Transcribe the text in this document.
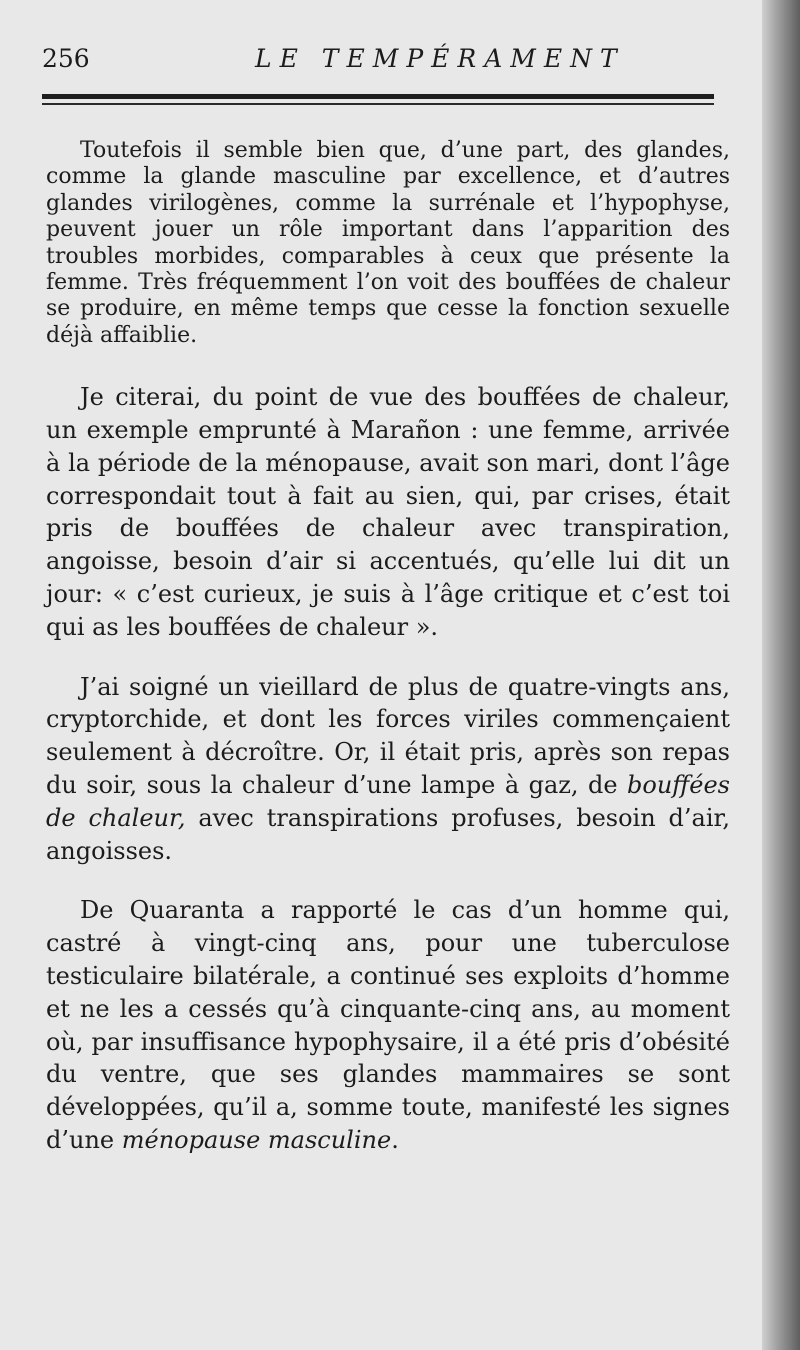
256	LE TEMPÉRAMENT

Toutefois il semble bien que, d’une part, des glandes, comme la glande masculine par excellence, et d’autres glandes virilogènes, comme la surrénale et l’hypophyse, peuvent jouer un rôle important dans l’apparition des troubles morbides, comparables à ceux que présente la femme. Très fréquemment l’on voit des bouffées de chaleur se produire, en même temps que cesse la fonction sexuelle déjà affaiblie.

Je citerai, du point de vue des bouffées de chaleur, un exemple emprunté à Marañon : une femme, arrivée à la période de la ménopause, avait son mari, dont l’âge correspondait tout à fait au sien, qui, par crises, était pris de bouffées de chaleur avec transpiration, angoisse, besoin d’air si accentués, qu’elle lui dit un jour: « c’est curieux, je suis à l’âge critique et c’est toi qui as les bouffées de chaleur ».

J’ai soigné un vieillard de plus de quatre-vingts ans, cryptorchide, et dont les forces viriles commençaient seulement à décroître. Or, il était pris, après son repas du soir, sous la chaleur d’une lampe à gaz, de bouffées de chaleur, avec transpirations profuses, besoin d’air, angoisses.

De Quaranta a rapporté le cas d’un homme qui, castré à vingt-cinq ans, pour une tuberculose testiculaire bilatérale, a continué ses exploits d’homme et ne les a cessés qu’à cinquante-cinq ans, au moment où, par insuffisance hypophysaire, il a été pris d’obésité du ventre, que ses glandes mammaires se sont développées, qu’il a, somme toute, manifesté les signes d’une ménopause masculine.
